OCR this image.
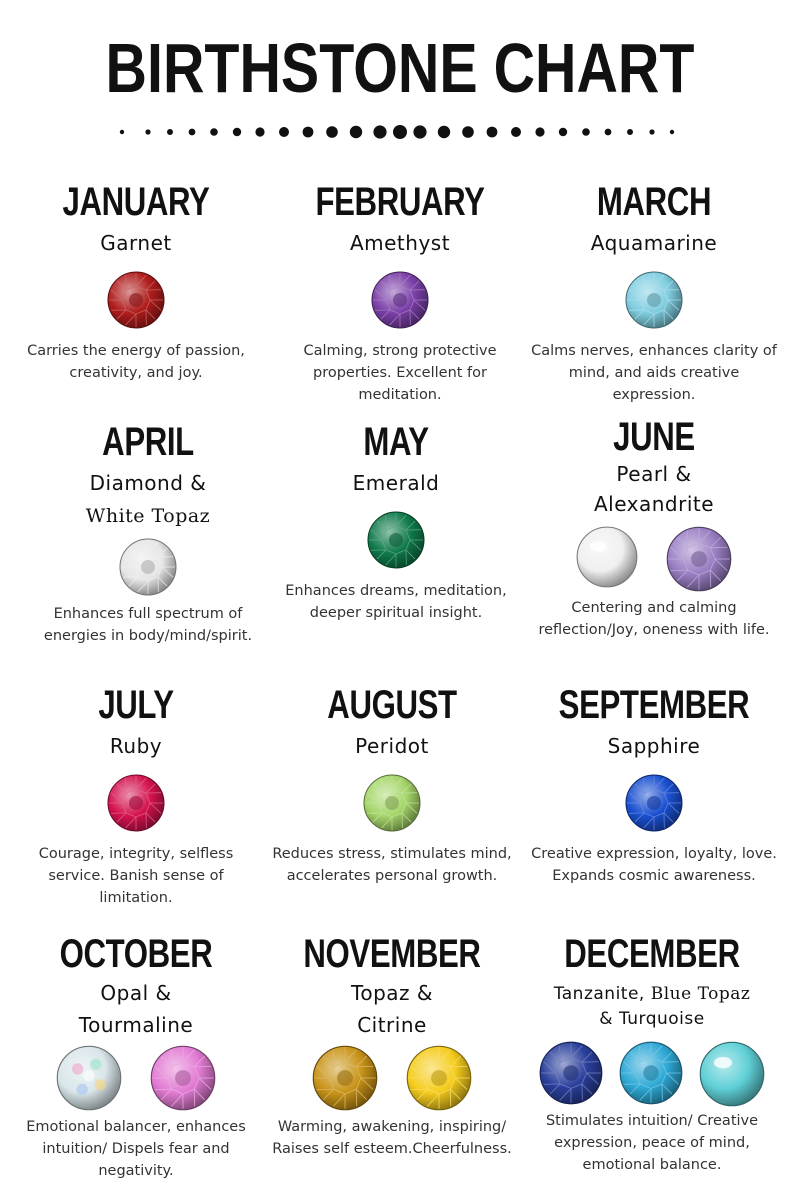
BIRTHSTONE CHART
JANUARY
Garnet
Carries the energy of passion, creativity, and joy.
FEBRUARY
Amethyst
Calming, strong protective properties. Excellent for meditation.
MARCH
Aquamarine
Calms nerves, enhances clarity of mind, and aids creative expression.
APRIL
Diamond &
White Topaz
Enhances full spectrum of energies in body/mind/spirit.
MAY
Emerald
Enhances dreams, meditation, deeper spiritual insight.
JUNE
Pearl &
Alexandrite
Centering and calming reflection/Joy, oneness with life.
JULY
Ruby
Courage, integrity, selfless service. Banish sense of limitation.
AUGUST
Peridot
Reduces stress, stimulates mind, accelerates personal growth.
SEPTEMBER
Sapphire
Creative expression, loyalty, love. Expands cosmic awareness.
OCTOBER
Opal &
Tourmaline
Emotional balancer, enhances intuition/ Dispels fear and negativity.
NOVEMBER
Topaz &
Citrine
Warming, awakening, inspiring/ Raises self esteem.Cheerfulness.
DECEMBER
Tanzanite, Blue Topaz
& Turquoise
Stimulates intuition/ Creative expression, peace of mind, emotional balance.
